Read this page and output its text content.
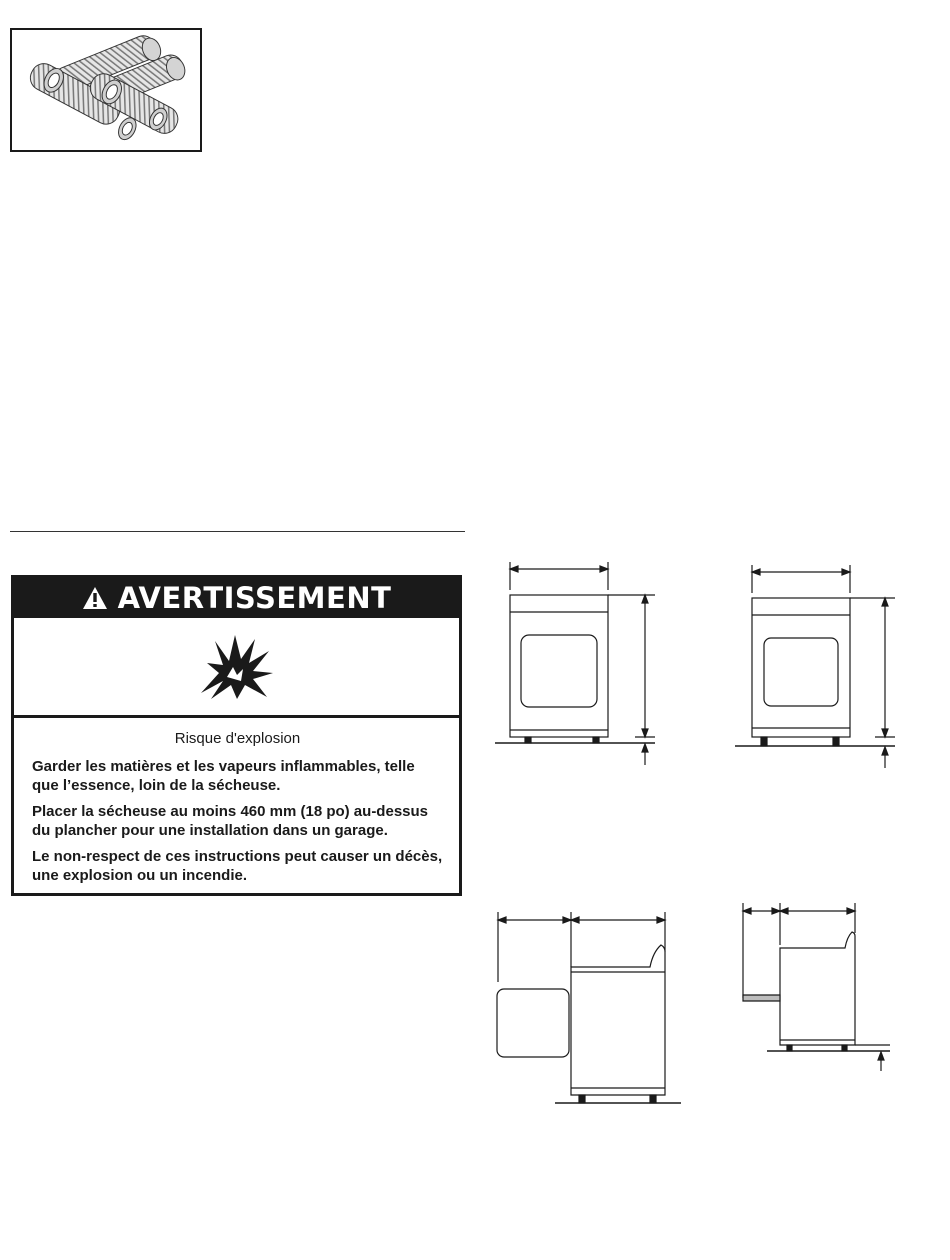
AVERTISSEMENT

Risque d'explosion

Garder les matières et les vapeurs inflammables, telle que l’essence, loin de la sécheuse.

Placer la sécheuse au moins 460 mm (18 po) au-dessus du plancher pour une installation dans un garage.

Le non-respect de ces instructions peut causer un décès, une explosion ou un incendie.
